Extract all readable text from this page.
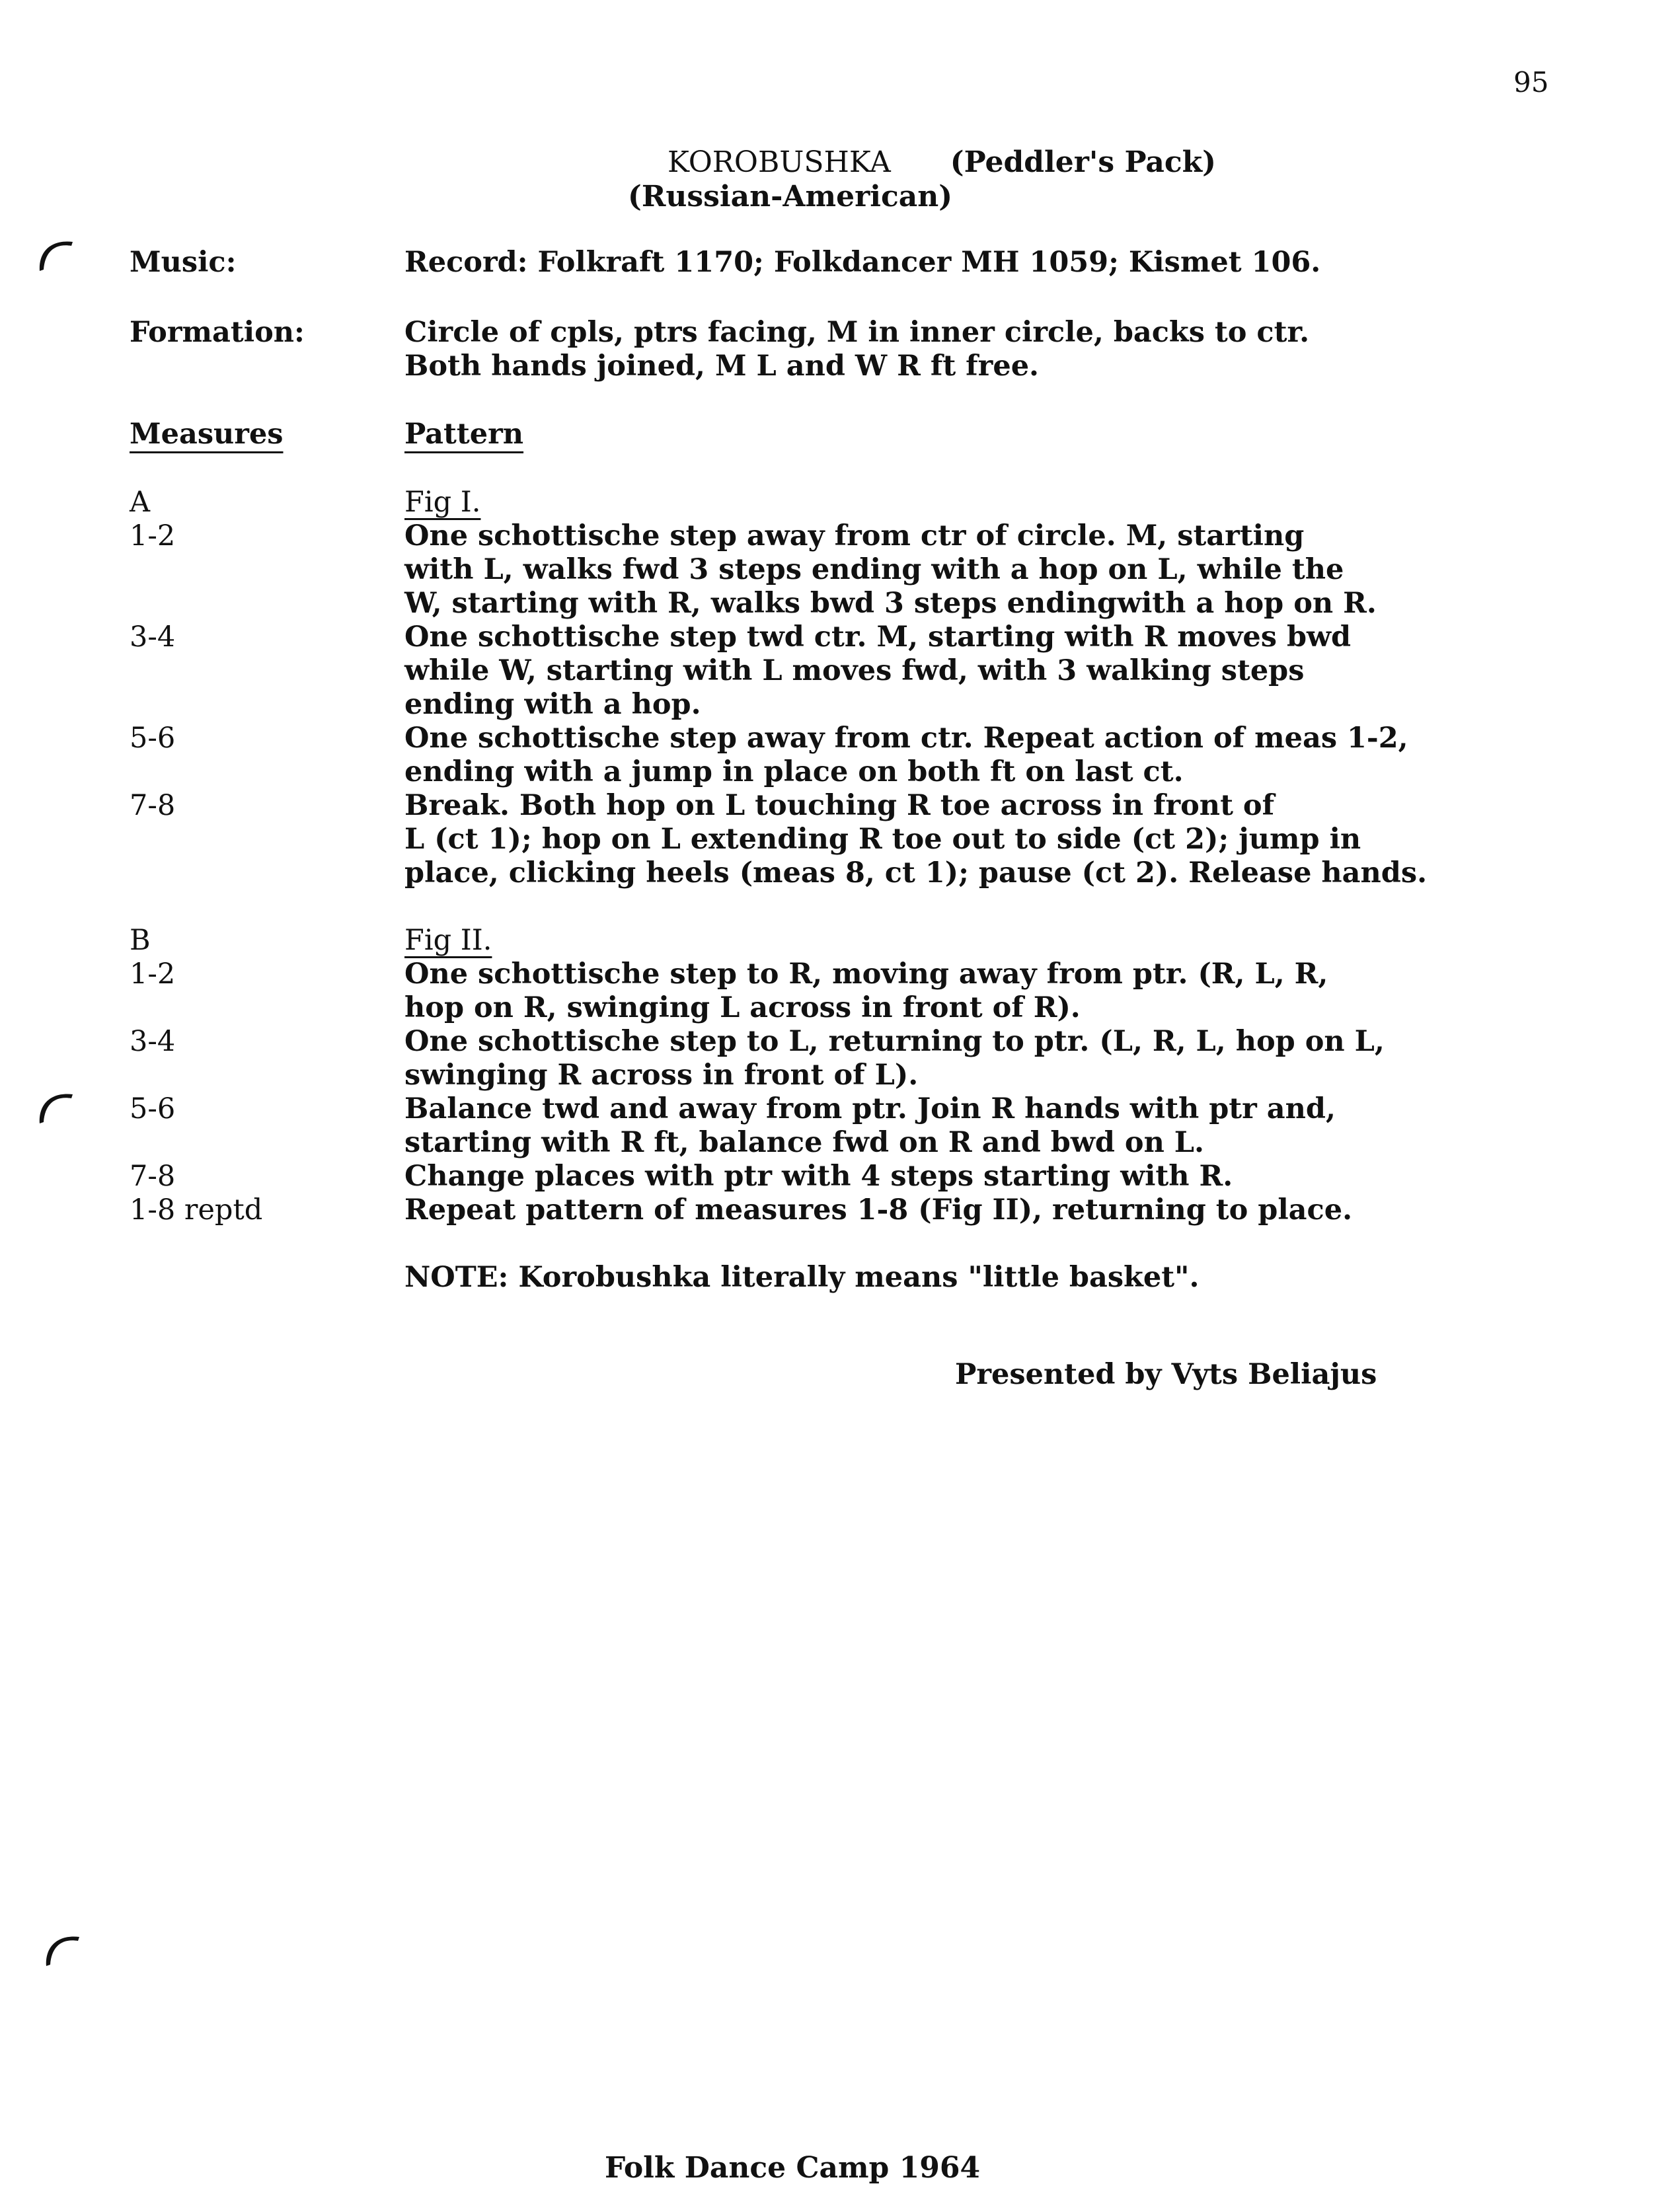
95
KOROBUSHKA (Peddler's Pack)
(Russian-American)
Music:	Record: Folkraft 1170; Folkdancer MH 1059; Kismet 106.
Formation:	Circle of cpls, ptrs facing, M in inner circle, backs to ctr.
Both hands joined, M L and W R ft free.
Measures	Pattern
A	Fig I.
1-2	One schottische step away from ctr of circle. M, starting
with L, walks fwd 3 steps ending with a hop on L, while the
W, starting with R, walks bwd 3 steps endingwith a hop on R.
3-4	One schottische step twd ctr. M, starting with R moves bwd
while W, starting with L moves fwd, with 3 walking steps
ending with a hop.
5-6	One schottische step away from ctr. Repeat action of meas 1-2,
ending with a jump in place on both ft on last ct.
7-8	Break. Both hop on L touching R toe across in front of
L (ct 1); hop on L extending R toe out to side (ct 2); jump in
place, clicking heels (meas 8, ct 1); pause (ct 2). Release hands.
B	Fig II.
1-2	One schottische step to R, moving away from ptr. (R, L, R,
hop on R, swinging L across in front of R).
3-4	One schottische step to L, returning to ptr. (L, R, L, hop on L,
swinging R across in front of L).
5-6	Balance twd and away from ptr. Join R hands with ptr and,
starting with R ft, balance fwd on R and bwd on L.
7-8	Change places with ptr with 4 steps starting with R.
1-8 reptd	Repeat pattern of measures 1-8 (Fig II), returning to place.
NOTE: Korobushka literally means "little basket".
Presented by Vyts Beliajus
Folk Dance Camp 1964
